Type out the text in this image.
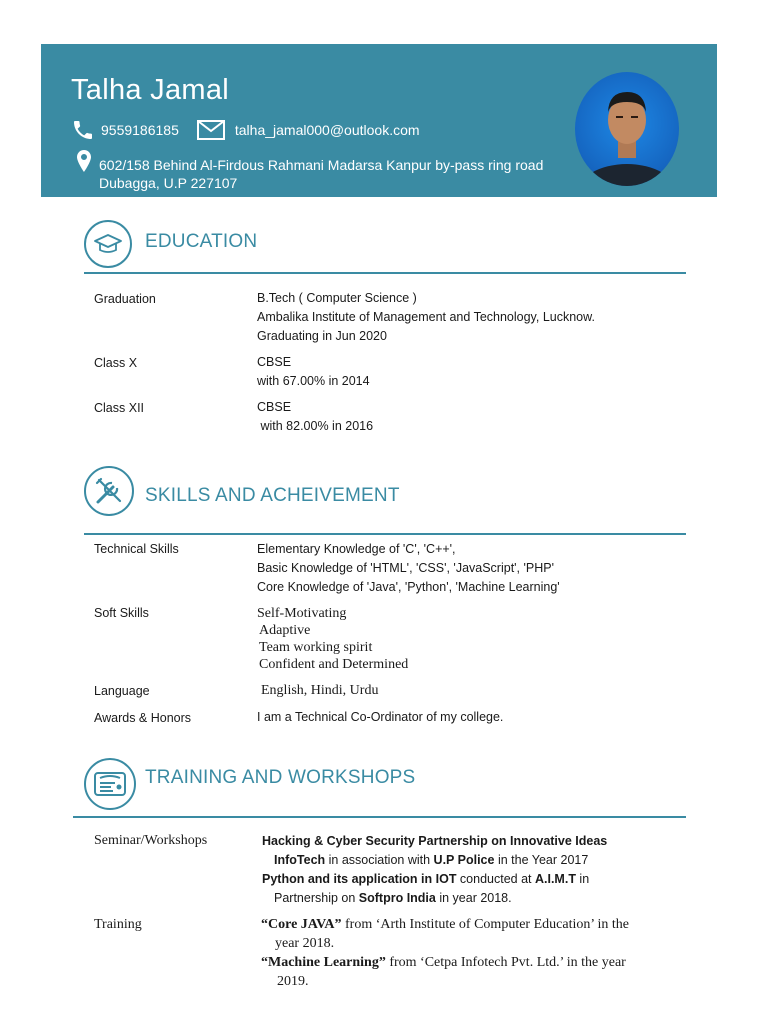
Talha Jamal
9559186185	talha_jamal000@outlook.com
602/158 Behind Al-Firdous Rahmani Madarsa Kanpur by-pass ring road
Dubagga, U.P 227107
EDUCATION
Graduation	B.Tech ( Computer Science )
Ambalika Institute of Management and Technology, Lucknow.
Graduating in Jun 2020
Class X	CBSE
with 67.00% in 2014
Class XII	CBSE
with 82.00% in 2016
SKILLS AND ACHEIVEMENT
Technical Skills	Elementary Knowledge of 'C', 'C++',
Basic Knowledge of 'HTML', 'CSS', 'JavaScript', 'PHP'
Core Knowledge of 'Java', 'Python', 'Machine Learning'
Soft Skills	Self-Motivating
Adaptive
Team working spirit
Confident and Determined
Language	English, Hindi, Urdu
Awards & Honors	I am a Technical Co-Ordinator of my college.
TRAINING AND WORKSHOPS
Seminar/Workshops	Hacking & Cyber Security Partnership on Innovative Ideas
InfoTech in association with U.P Police in the Year 2017
Python and its application in IOT conducted at A.I.M.T in
Partnership on Softpro India in year 2018.
Training	“Core JAVA” from ‘Arth Institute of Computer Education’ in the
year 2018.
“Machine Learning” from ‘Cetpa Infotech Pvt. Ltd.’ in the year
2019.
